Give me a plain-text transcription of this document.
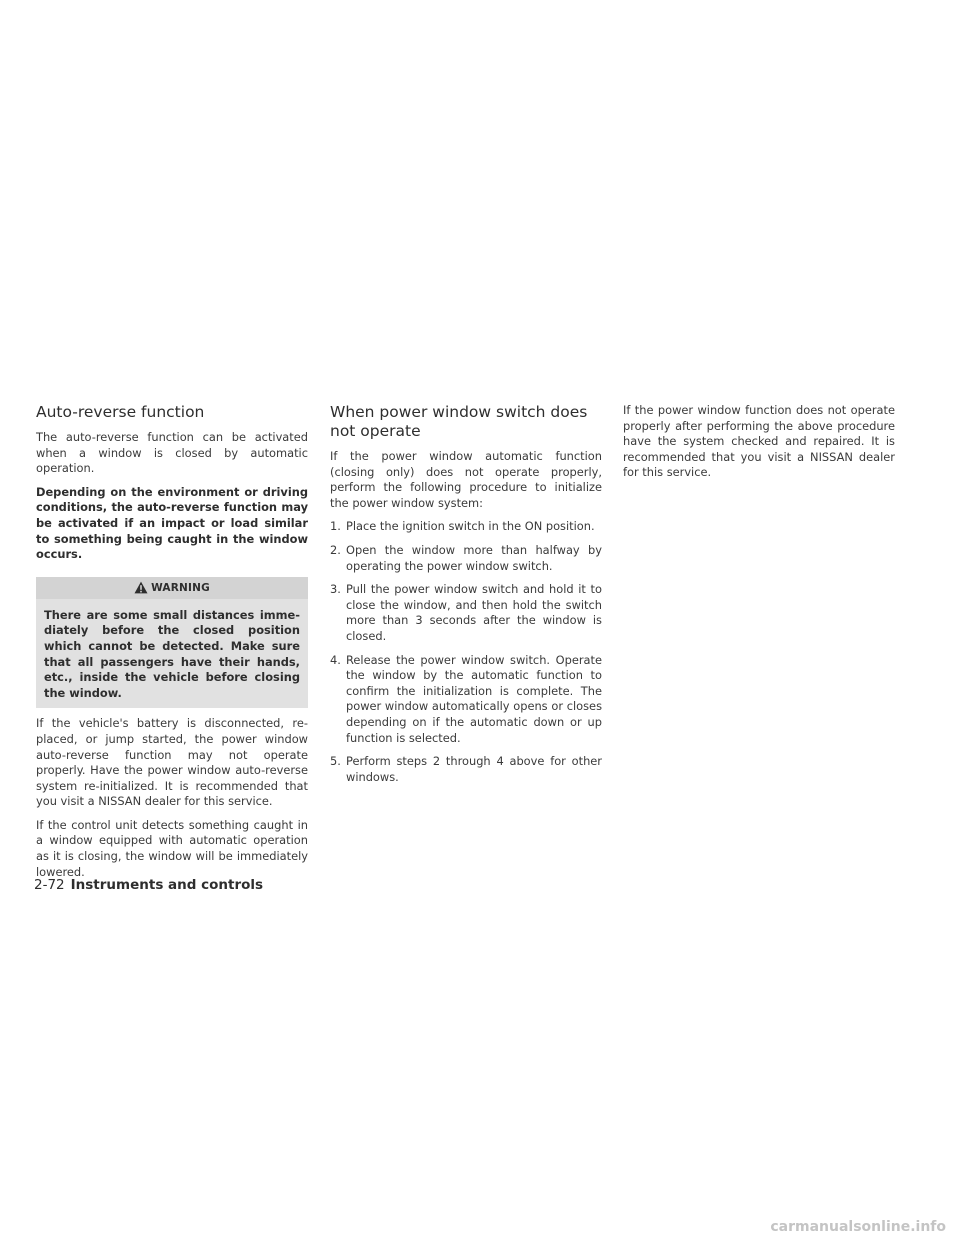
Auto-reverse function

The auto-reverse function can be activated when a window is closed by automatic operation.

Depending on the environment or driving conditions, the auto-reverse function may be activated if an impact or load similar to something being caught in the window occurs.

WARNING
There are some small distances immediately before the closed position which cannot be detected. Make sure that all passengers have their hands, etc., inside the vehicle before closing the window.

If the vehicle's battery is disconnected, replaced, or jump started, the power window auto-reverse function may not operate properly. Have the power window auto-reverse system re-initialized. It is recommended that you visit a NISSAN dealer for this service.

If the control unit detects something caught in a window equipped with automatic operation as it is closing, the window will be immediately lowered.

When power window switch does not operate

If the power window automatic function (closing only) does not operate properly, perform the following procedure to initialize the power window system:

1. Place the ignition switch in the ON position.
2. Open the window more than halfway by operating the power window switch.
3. Pull the power window switch and hold it to close the window, and then hold the switch more than 3 seconds after the window is closed.
4. Release the power window switch. Operate the window by the automatic function to confirm the initialization is complete. The power window automatically opens or closes depending on if the automatic down or up function is selected.
5. Perform steps 2 through 4 above for other windows.

If the power window function does not operate properly after performing the above procedure have the system checked and repaired. It is recommended that you visit a NISSAN dealer for this service.

2-72 Instruments and controls
carmanualsonline.info
